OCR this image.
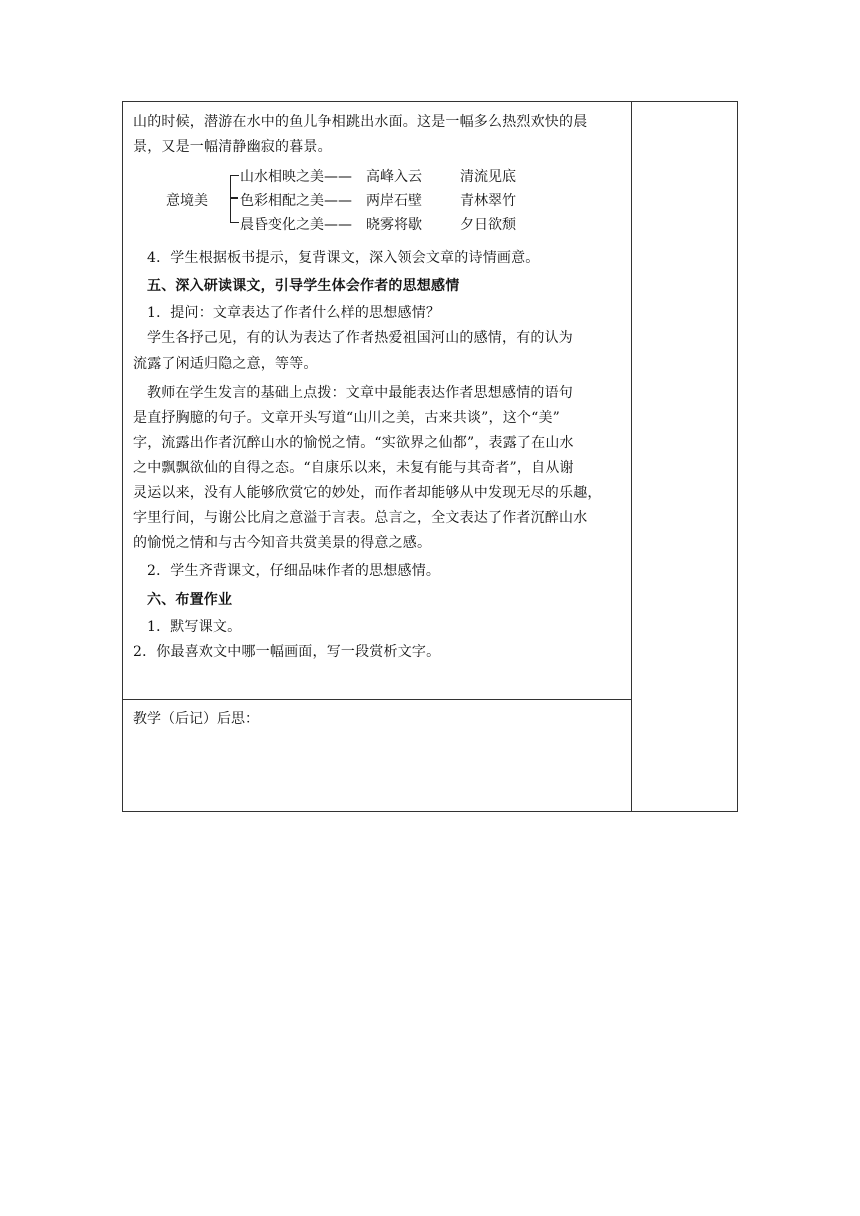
山的时候，潜游在水中的鱼儿争相跳出水面。这是一幅多么热烈欢快的晨
景，又是一幅清静幽寂的暮景。
意境美
山水相映之美—— 高峰入云	清流见底
色彩相配之美—— 两岸石壁	青林翠竹
晨昏变化之美—— 晓雾将歇	夕日欲颓
4．学生根据板书提示，复背课文，深入领会文章的诗情画意。
五、深入研读课文，引导学生体会作者的思想感情
1．提问：文章表达了作者什么样的思想感情？
学生各抒己见，有的认为表达了作者热爱祖国河山的感情，有的认为
流露了闲适归隐之意，等等。
教师在学生发言的基础上点拨：文章中最能表达作者思想感情的语句
是直抒胸臆的句子。文章开头写道“山川之美，古来共谈”，这个“美”
字，流露出作者沉醉山水的愉悦之情。“实欲界之仙都”，表露了在山水
之中飘飘欲仙的自得之态。“自康乐以来，未复有能与其奇者”，自从谢
灵运以来，没有人能够欣赏它的妙处，而作者却能够从中发现无尽的乐趣，
字里行间，与谢公比肩之意溢于言表。总言之，全文表达了作者沉醉山水
的愉悦之情和与古今知音共赏美景的得意之感。
2．学生齐背课文，仔细品味作者的思想感情。
六、布置作业
1．默写课文。
2．你最喜欢文中哪一幅画面，写一段赏析文字。
教学（后记）后思：
